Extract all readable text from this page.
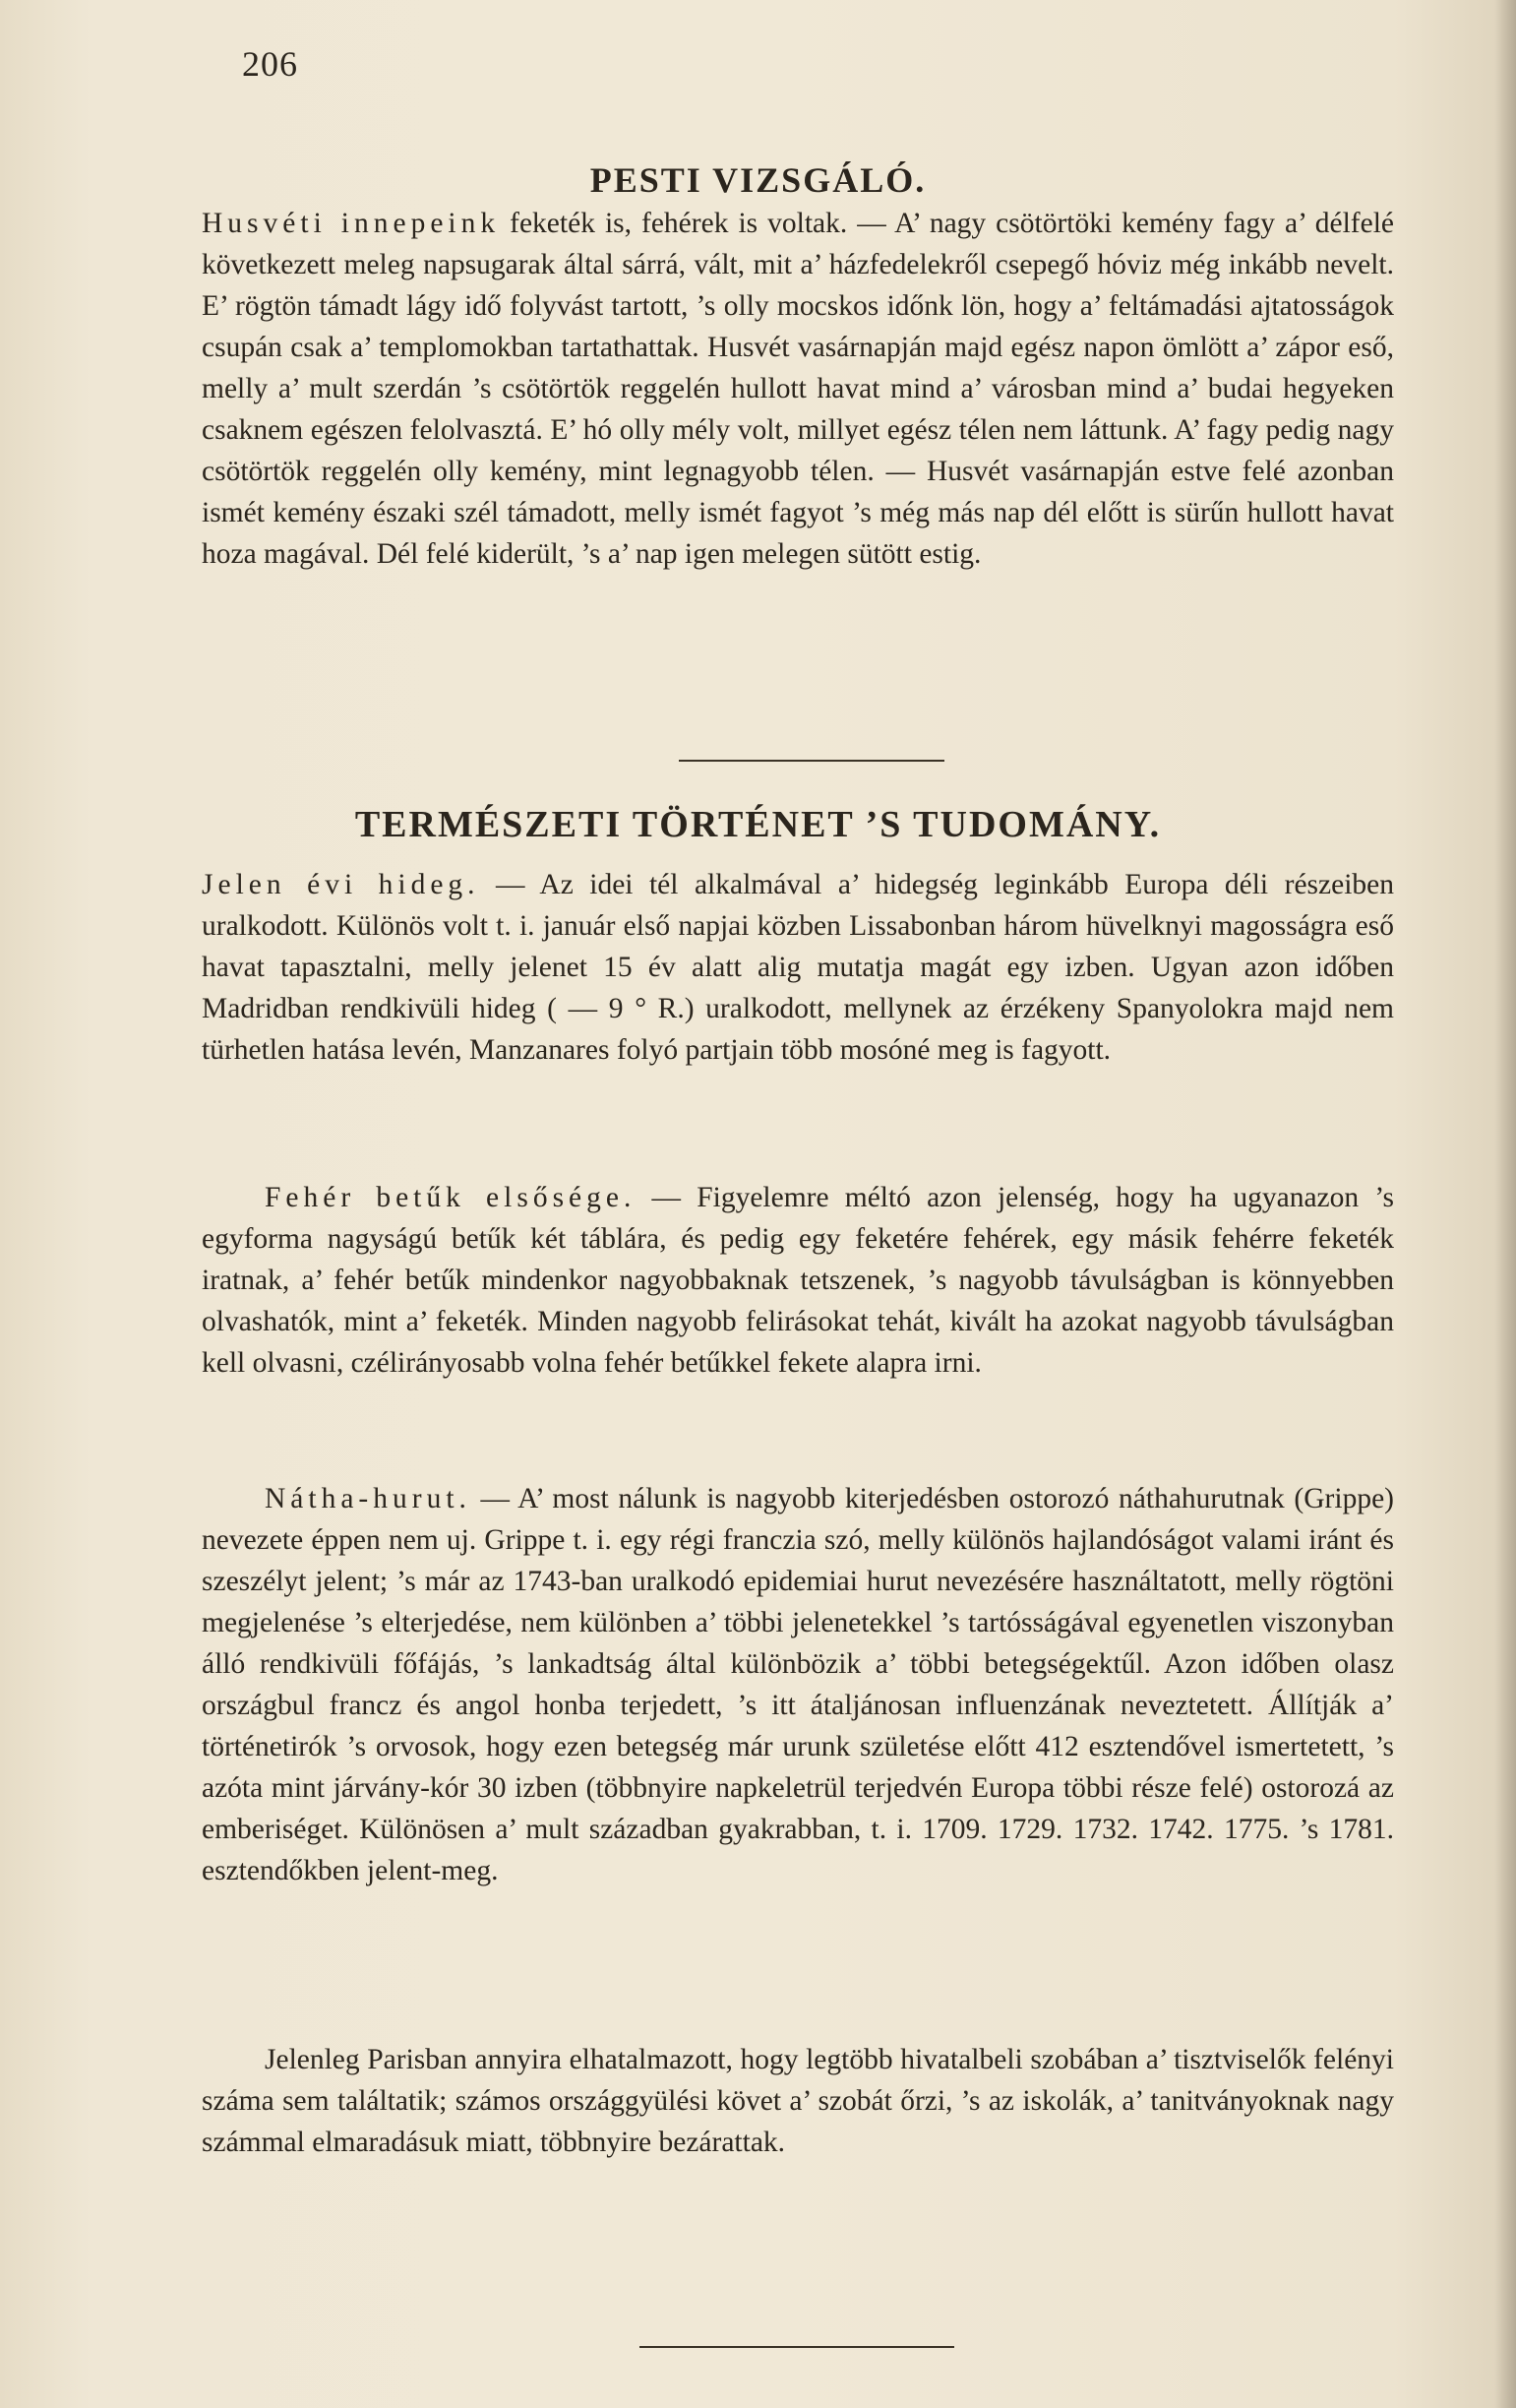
206
PESTI VIZSGÁLÓ.

Husvéti innepeink feketék is, fehérek is voltak. — A’ nagy csötörtöki kemény fagy a’ délfelé következett meleg napsugarak által sárrá, vált, mit a’ házfedelekről csepegő hóviz még inkább nevelt. E’ rögtön támadt lágy idő folyvást tartott, ’s olly mocskos időnk lön, hogy a’ feltámadási ajtatosságok csupán csak a’ templomokban tartathattak. Husvét vasárnapján majd egész napon ömlött a’ zápor eső, melly a’ mult szerdán ’s csötörtök reggelén hullott havat mind a’ városban mind a’ budai hegyeken csaknem egészen felolvasztá. E’ hó olly mély volt, millyet egész télen nem láttunk. A’ fagy pedig nagy csötörtök reggelén olly kemény, mint legnagyobb télen. — Husvét vasárnapján estve felé azonban ismét kemény északi szél támadott, melly ismét fagyot ’s még más nap dél előtt is sürűn hullott havat hoza magával. Dél felé kiderült, ’s a’ nap igen melegen sütött estig.

TERMÉSZETI TÖRTÉNET ’S TUDOMÁNY.

Jelen évi hideg. — Az idei tél alkalmával a’ hidegség leginkább Europa déli részeiben uralkodott. Különös volt t. i. január első napjai közben Lissabonban három hüvelknyi magosságra eső havat tapasztalni, melly jelenet 15 év alatt alig mutatja magát egy izben. Ugyan azon időben Madridban rendkivüli hideg ( — 9 ° R.) uralkodott, mellynek az érzékeny Spanyolokra majd nem türhetlen hatása levén, Manzanares folyó partjain több mosóné meg is fagyott.

Fehér betűk elsősége. — Figyelemre méltó azon jelenség, hogy ha ugyanazon ’s egyforma nagyságú betűk két táblára, és pedig egy feketére fehérek, egy másik fehérre feketék iratnak, a’ fehér betűk mindenkor nagyobbaknak tetszenek, ’s nagyobb távulságban is könnyebben olvashatók, mint a’ feketék. Minden nagyobb felirásokat tehát, kivált ha azokat nagyobb távulságban kell olvasni, czélirányosabb volna fehér betűkkel fekete alapra irni.

Nátha-hurut. — A’ most nálunk is nagyobb kiterjedésben ostorozó náthahurutnak (Grippe) nevezete éppen nem uj. Grippe t. i. egy régi franczia szó, melly különös hajlandóságot valami iránt és szeszélyt jelent; ’s már az 1743-ban uralkodó epidemiai hurut nevezésére használtatott, melly rögtöni megjelenése ’s elterjedése, nem különben a’ többi jelenetekkel ’s tartósságával egyenetlen viszonyban álló rendkivüli főfájás, ’s lankadtság által különbözik a’ többi betegségektűl. Azon időben olasz országbul francz és angol honba terjedett, ’s itt átaljánosan influenzának neveztetett. Állítják a’ történetirók ’s orvosok, hogy ezen betegség már urunk születése előtt 412 esztendővel ismertetett, ’s azóta mint járvány-kór 30 izben (többnyire napkeletrül terjedvén Europa többi része felé) ostorozá az emberiséget. Különösen a’ mult században gyakrabban, t. i. 1709. 1729. 1732. 1742. 1775. ’s 1781. esztendőkben jelent-meg.

Jelenleg Parisban annyira elhatalmazott, hogy legtöbb hivatalbeli szobában a’ tisztviselők felényi száma sem találtatik; számos országgyülési követ a’ szobát őrzi, ’s az iskolák, a’ tanitványoknak nagy számmal elmaradásuk miatt, többnyire bezárattak.
